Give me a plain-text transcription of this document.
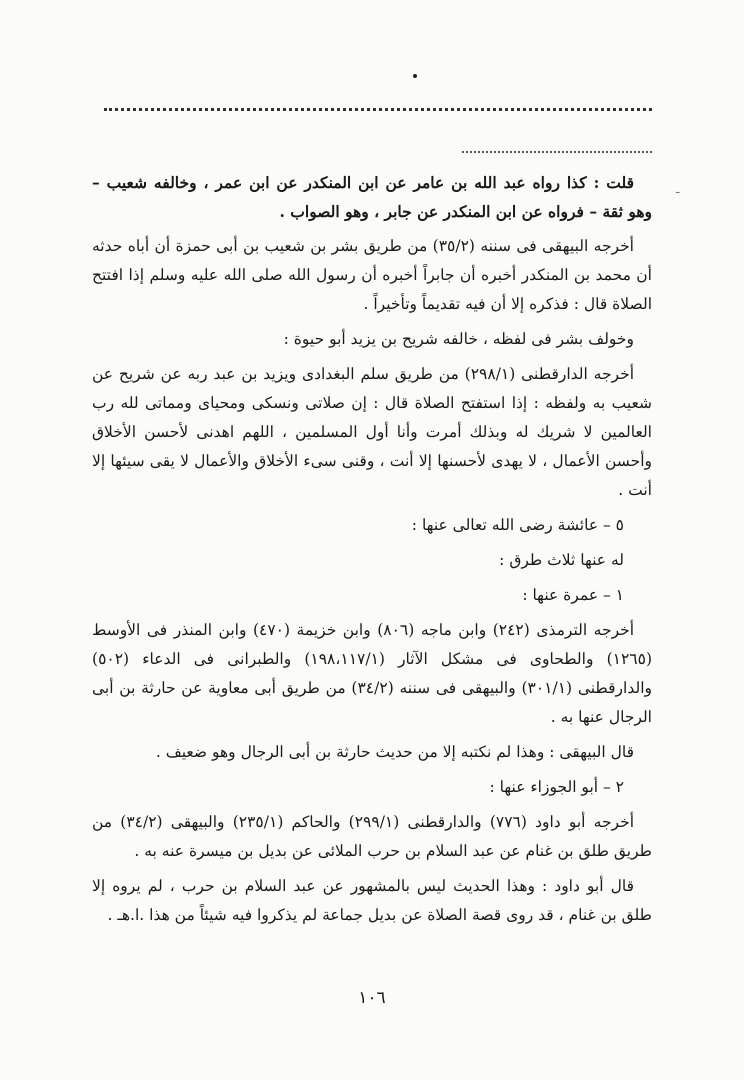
ـ

قلت : كذا رواه عبد الله بن عامر عن ابن المنكدر عن ابن عمر ، وخالفه شعيب – وهو ثقة – فرواه عن ابن المنكدر عن جابر ، وهو الصواب .

أخرجه البيهقى فى سننه (٣٥/٢) من طريق بشر بن شعيب بن أبى حمزة أن أباه حدثه أن محمد بن المنكدر أخبره أن جابراً أخبره أن رسول الله صلى الله عليه وسلم إذا افتتح الصلاة قال : فذكره إلا أن فيه تقديماً وتأخيراً .

وخولف بشر فى لفظه ، خالفه شريح بن يزيد أبو حيوة :

أخرجه الدارقطنى (٢٩٨/١) من طريق سلم البغدادى ويزيد بن عبد ربه عن شريح عن شعيب به ولفظه : إذا استفتح الصلاة قال : إن صلاتى ونسكى ومحياى ومماتى لله رب العالمين لا شريك له وبذلك أمرت وأنا أول المسلمين ، اللهم اهدنى لأحسن الأخلاق وأحسن الأعمال ، لا يهدى لأحسنها إلا أنت ، وقنى سىء الأخلاق والأعمال لا يقى سيئها إلا أنت .

٥ – عائشة رضى الله تعالى عنها :

له عنها ثلاث طرق :

١ – عمرة عنها :

أخرجه الترمذى (٢٤٢) وابن ماجه (٨٠٦) وابن خزيمة (٤٧٠) وابن المنذر فى الأوسط (١٢٦٥) والطحاوى فى مشكل الآثار (١٩٨،١١٧/١) والطبرانى فى الدعاء (٥٠٢) والدارقطنى (٣٠١/١) والبيهقى فى سننه (٣٤/٢) من طريق أبى معاوية عن حارثة بن أبى الرجال عنها به .

قال البيهقى : وهذا لم نكتبه إلا من حديث حارثة بن أبى الرجال وهو ضعيف .

٢ – أبو الجوزاء عنها :

أخرجه أبو داود (٧٧٦) والدارقطنى (٢٩٩/١) والحاكم (٢٣٥/١) والبيهقى (٣٤/٢) من طريق طلق بن غنام عن عبد السلام بن حرب الملائى عن بديل بن ميسرة عنه به .

قال أبو داود : وهذا الحديث ليس بالمشهور عن عبد السلام بن حرب ، لم يروه إلا طلق بن غنام ، قد روى قصة الصلاة عن بديل جماعة لم يذكروا فيه شيئاً من هذا .ا.هـ .

١٠٦
